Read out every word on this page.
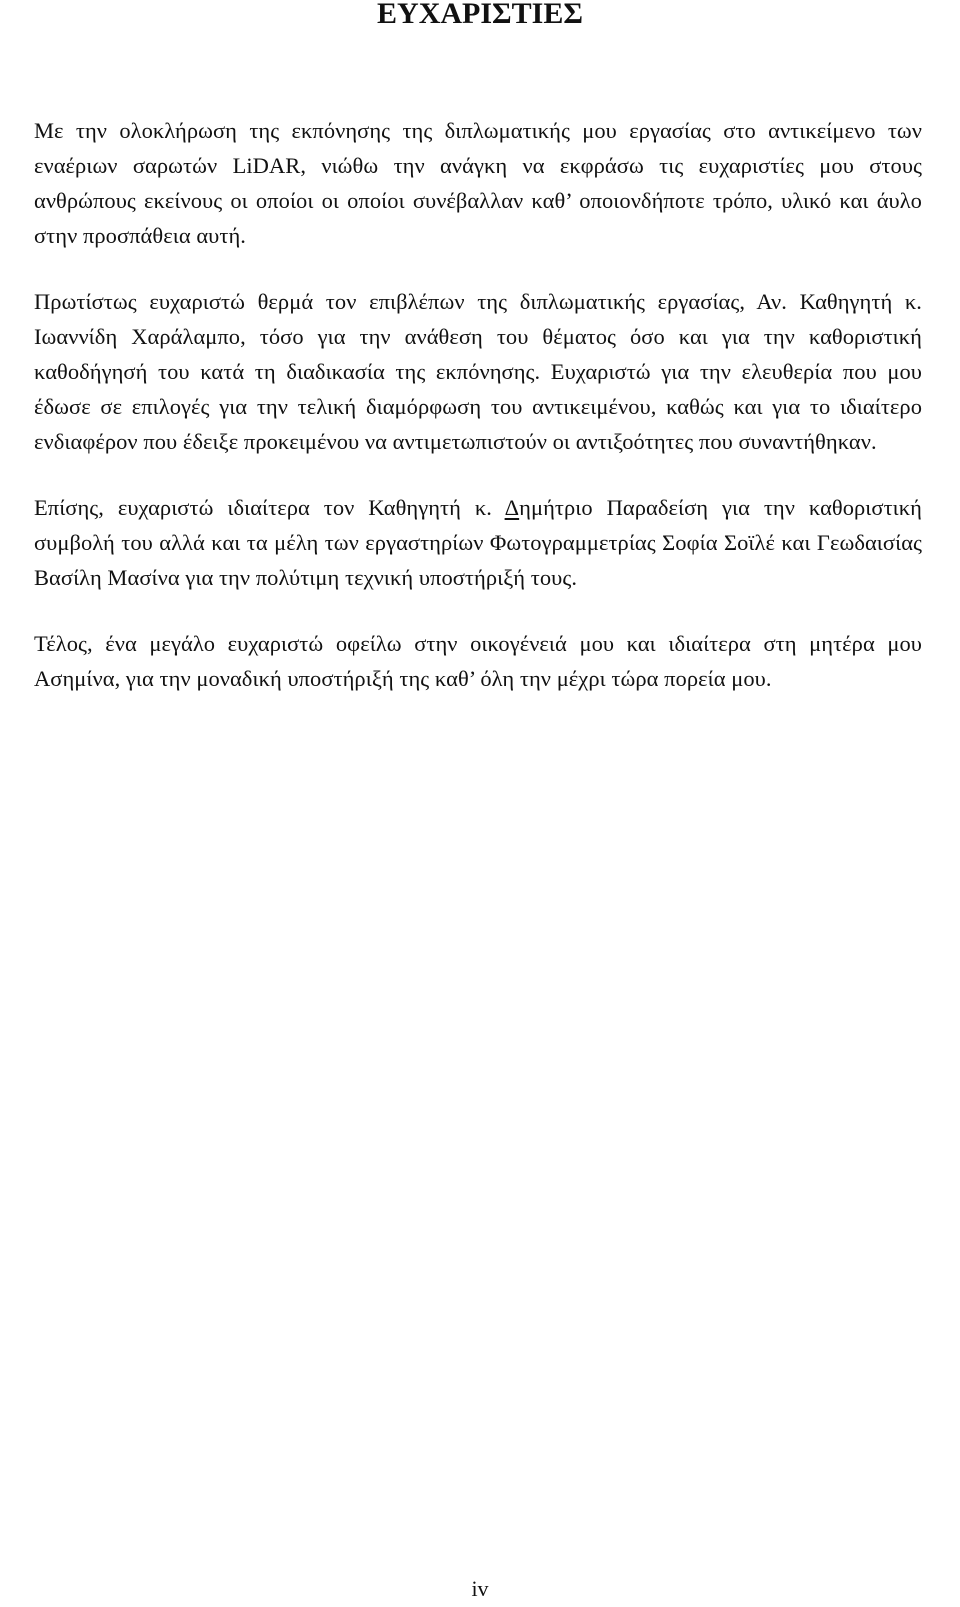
ΕΥΧΑΡΙΣΤΙΕΣ

Με την ολοκλήρωση της εκπόνησης της διπλωματικής μου εργασίας στο αντικείμενο των εναέριων σαρωτών LiDAR, νιώθω την ανάγκη να εκφράσω τις ευχαριστίες μου στους ανθρώπους εκείνους οι οποίοι οι οποίοι συνέβαλλαν καθ’ οποιονδήποτε τρόπο, υλικό και άυλο στην προσπάθεια αυτή.

Πρωτίστως ευχαριστώ θερμά τον επιβλέπων της διπλωματικής εργασίας, Αν. Καθηγητή κ. Ιωαννίδη Χαράλαμπο, τόσο για την ανάθεση του θέματος όσο και για την καθοριστική καθοδήγησή του κατά τη διαδικασία της εκπόνησης. Ευχαριστώ για την ελευθερία που μου έδωσε σε επιλογές για την τελική διαμόρφωση του αντικειμένου, καθώς και για το ιδιαίτερο ενδιαφέρον που έδειξε προκειμένου να αντιμετωπιστούν οι αντιξοότητες που συναντήθηκαν.

Επίσης, ευχαριστώ ιδιαίτερα τον Καθηγητή κ. Δημήτριο Παραδείση για την καθοριστική συμβολή του αλλά και τα μέλη των εργαστηρίων Φωτογραμμετρίας Σοφία Σοϊλέ και Γεωδαισίας Βασίλη Μασίνα για την πολύτιμη τεχνική υποστήριξή τους.

Τέλος, ένα μεγάλο ευχαριστώ οφείλω στην οικογένειά μου και ιδιαίτερα στη μητέρα μου Ασημίνα, για την μοναδική υποστήριξή της καθ’ όλη την μέχρι τώρα πορεία μου.

iv
